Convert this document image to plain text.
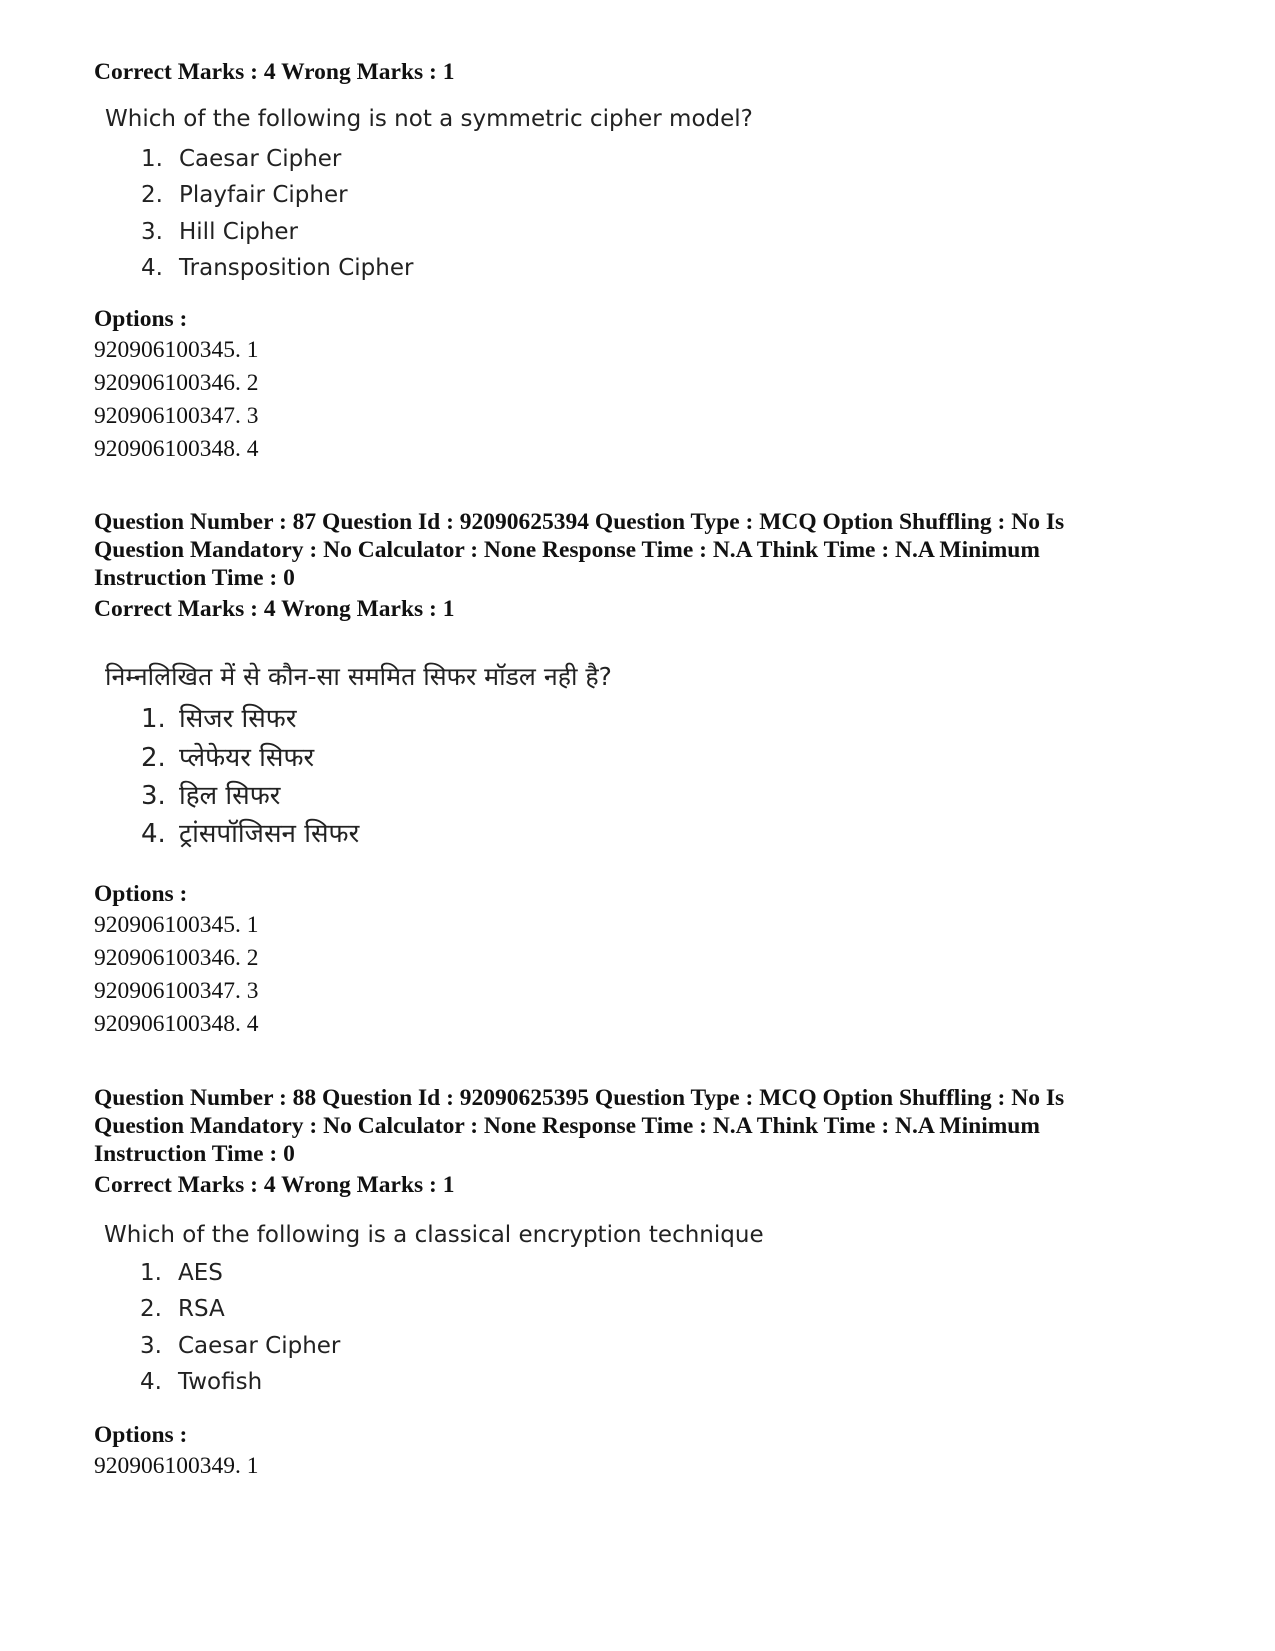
Correct Marks : 4 Wrong Marks : 1
Which of the following is not a symmetric cipher model?
1. Caesar Cipher
2. Playfair Cipher
3. Hill Cipher
4. Transposition Cipher
Options :
920906100345. 1
920906100346. 2
920906100347. 3
920906100348. 4
Question Number : 87 Question Id : 92090625394 Question Type : MCQ Option Shuffling : No Is
Question Mandatory : No Calculator : None Response Time : N.A Think Time : N.A Minimum
Instruction Time : 0
Correct Marks : 4 Wrong Marks : 1
निम्नलिखित में से कौन-सा सममित सिफर मॉडल नही है?
1. सिजर सिफर
2. प्लेफेयर सिफर
3. हिल सिफर
4. ट्रांसपॉजिसन सिफर
Options :
920906100345. 1
920906100346. 2
920906100347. 3
920906100348. 4
Question Number : 88 Question Id : 92090625395 Question Type : MCQ Option Shuffling : No Is
Question Mandatory : No Calculator : None Response Time : N.A Think Time : N.A Minimum
Instruction Time : 0
Correct Marks : 4 Wrong Marks : 1
Which of the following is a classical encryption technique
1. AES
2. RSA
3. Caesar Cipher
4. Twofish
Options :
920906100349. 1
